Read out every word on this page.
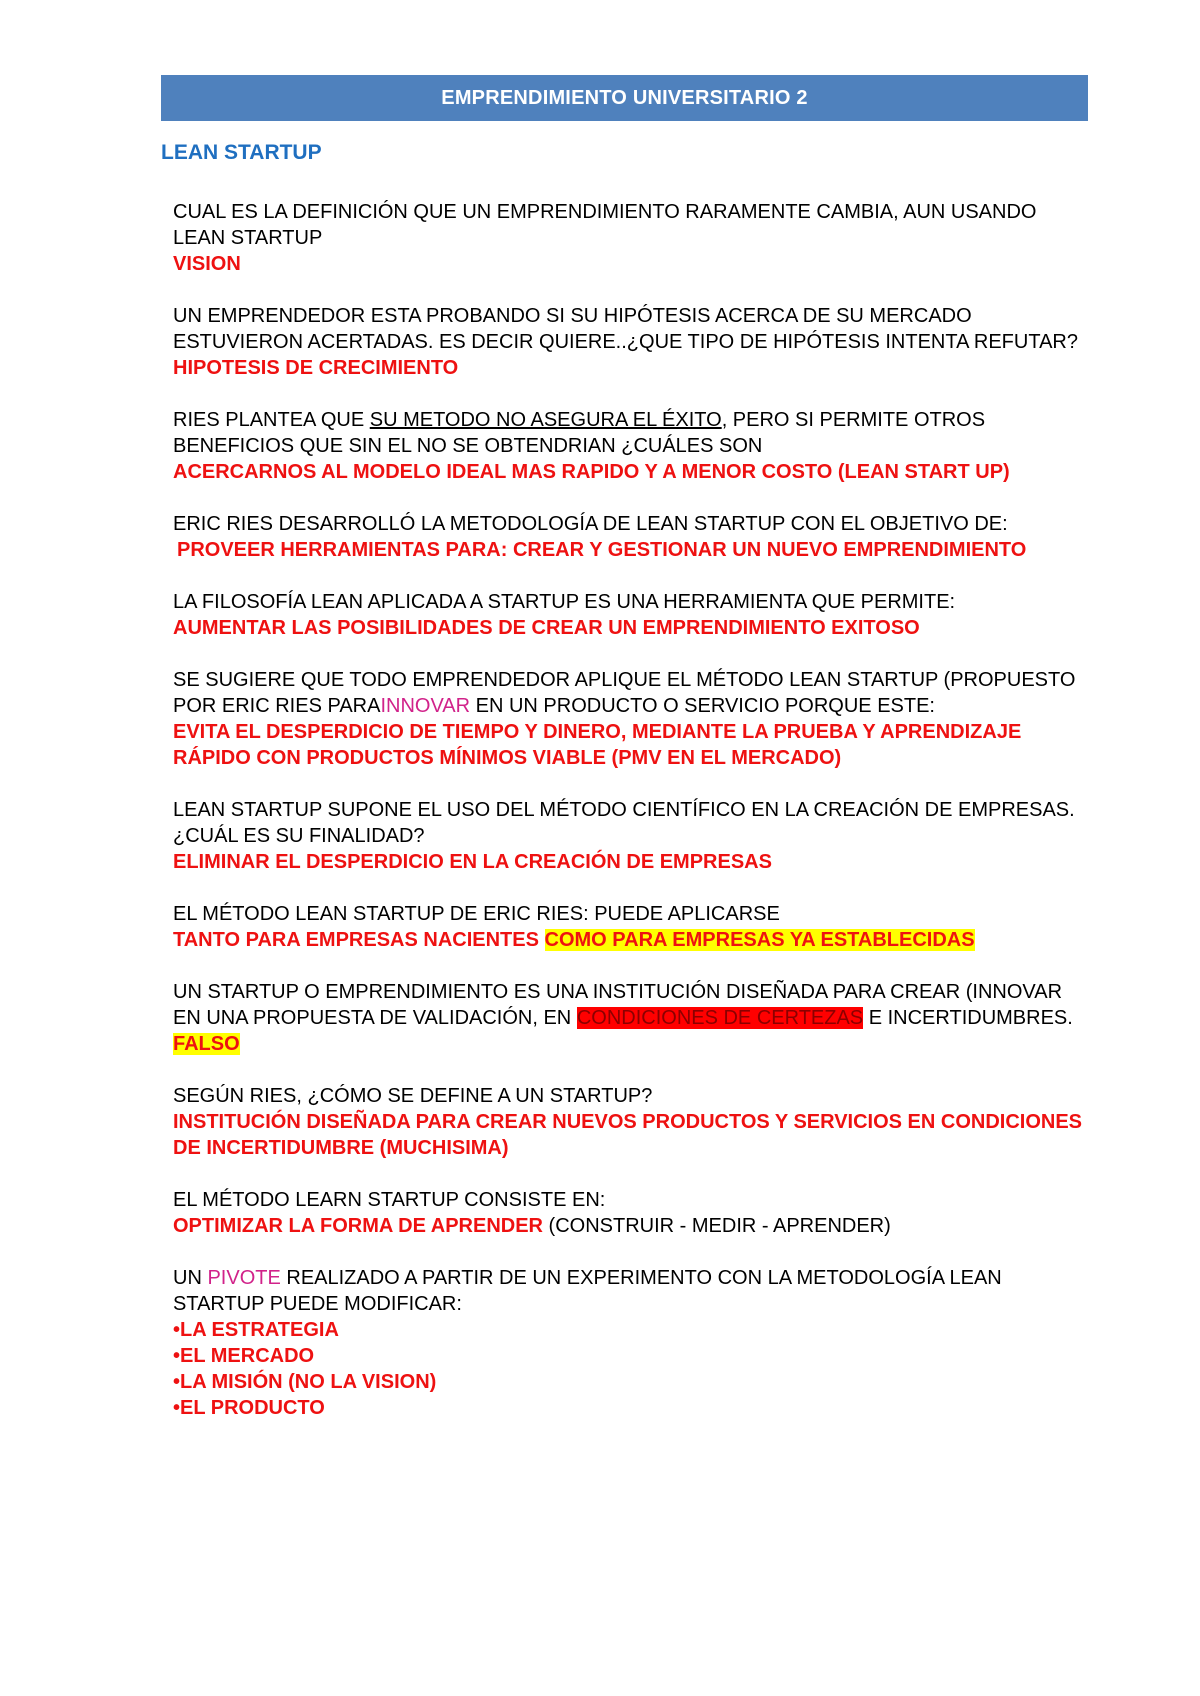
EMPRENDIMIENTO UNIVERSITARIO 2
LEAN STARTUP
CUAL ES LA DEFINICIÓN QUE UN EMPRENDIMIENTO RARAMENTE CAMBIA, AUN USANDO LEAN STARTUP
VISION
UN EMPRENDEDOR ESTA PROBANDO SI SU HIPÓTESIS ACERCA DE SU MERCADO ESTUVIERON ACERTADAS. ES DECIR QUIERE..¿QUE TIPO DE HIPÓTESIS INTENTA REFUTAR?
HIPOTESIS DE CRECIMIENTO
RIES PLANTEA QUE SU METODO NO ASEGURA EL ÉXITO, PERO SI PERMITE OTROS BENEFICIOS QUE SIN EL NO SE OBTENDRIAN ¿CUÁLES SON
ACERCARNOS AL MODELO IDEAL MAS RAPIDO Y A MENOR COSTO (LEAN START UP)
ERIC RIES DESARROLLÓ LA METODOLOGÍA DE LEAN STARTUP CON EL OBJETIVO DE:
PROVEER HERRAMIENTAS PARA: CREAR Y GESTIONAR UN NUEVO EMPRENDIMIENTO
LA FILOSOFÍA LEAN APLICADA A STARTUP ES UNA HERRAMIENTA QUE PERMITE:
AUMENTAR LAS POSIBILIDADES DE CREAR UN EMPRENDIMIENTO EXITOSO
SE SUGIERE QUE TODO EMPRENDEDOR APLIQUE EL MÉTODO LEAN STARTUP (PROPUESTO POR ERIC RIES PARAINNOVAR EN UN PRODUCTO O SERVICIO PORQUE ESTE:
EVITA EL DESPERDICIO DE TIEMPO Y DINERO, MEDIANTE LA PRUEBA Y APRENDIZAJE RÁPIDO CON PRODUCTOS MÍNIMOS VIABLE (PMV EN EL MERCADO)
LEAN STARTUP SUPONE EL USO DEL MÉTODO CIENTÍFICO EN LA CREACIÓN DE EMPRESAS. ¿CUÁL ES SU FINALIDAD?
ELIMINAR EL DESPERDICIO EN LA CREACIÓN DE EMPRESAS
EL MÉTODO LEAN STARTUP DE ERIC RIES: PUEDE APLICARSE
TANTO PARA EMPRESAS NACIENTES COMO PARA EMPRESAS YA ESTABLECIDAS
UN STARTUP O EMPRENDIMIENTO ES UNA INSTITUCIÓN DISEÑADA PARA CREAR (INNOVAR EN UNA PROPUESTA DE VALIDACIÓN, EN CONDICIONES DE CERTEZAS E INCERTIDUMBRES. FALSO
SEGÚN RIES, ¿CÓMO SE DEFINE A UN STARTUP?
INSTITUCIÓN DISEÑADA PARA CREAR NUEVOS PRODUCTOS Y SERVICIOS EN CONDICIONES DE INCERTIDUMBRE (MUCHISIMA)
EL MÉTODO LEARN STARTUP CONSISTE EN:
OPTIMIZAR LA FORMA DE APRENDER (CONSTRUIR - MEDIR - APRENDER)
UN PIVOTE REALIZADO A PARTIR DE UN EXPERIMENTO CON LA METODOLOGÍA LEAN STARTUP PUEDE MODIFICAR:
•LA ESTRATEGIA
•EL MERCADO
•LA MISIÓN (NO LA VISION)
•EL PRODUCTO
